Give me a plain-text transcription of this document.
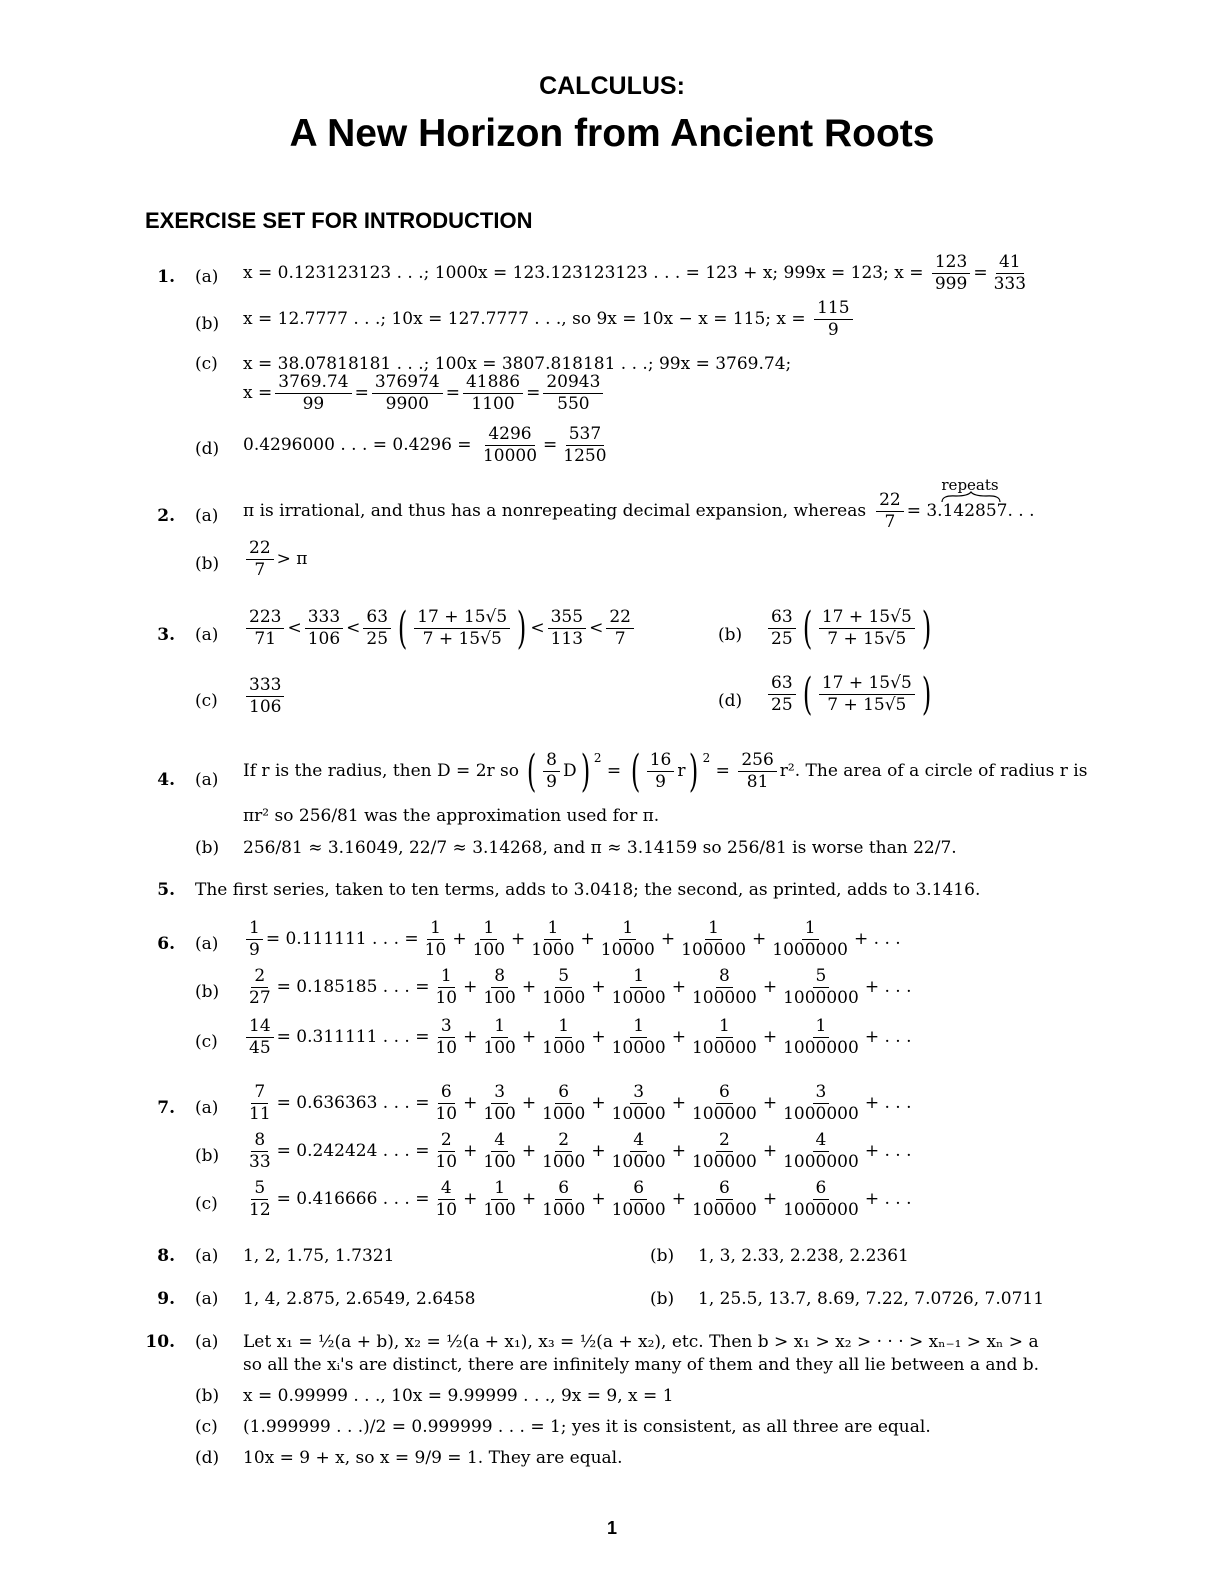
CALCULUS:
A New Horizon from Ancient Roots
EXERCISE SET FOR INTRODUCTION
1. (a) x = 0.123123123 . . .; 1000x = 123.123123123 . . . = 123 + x; 999x = 123; $x = \frac{123}{999} = \frac{41}{333}$
(b) x = 12.7777 . . .; 10x = 127.7777 . . ., so 9x = 10x − x = 115; $x = \frac{115}{9}$
(c) x = 38.07818181 . . .; 100x = 3807.818181 . . .; 99x = 3769.74;
$x = \frac{3769.74}{99} = \frac{376974}{9900} = \frac{41886}{1100} = \frac{20943}{550}$
(d) 0.4296000 . . . = $0.4296 = \frac{4296}{10000} = \frac{537}{1250}$
repeats
2. (a) π is irrational, and thus has a nonrepeating decimal expansion, whereas $\frac{22}{7} = 3$. 142857 . . .
$(b) \frac{22}{7} > \pi$
3. $(a) \frac{223}{71} < \frac{333}{106} < \frac{63}{25}$ ( $\frac{17 + 15√5}{7 + 15√5}$ ) < $\frac{355}{113} < \frac{22}{7}$	$(b) \frac{63}{25}$ ( $\frac{17 + 15√5}{7 + 15√5}$ )
$(c) \frac{333}{106}$	$(d) \frac{63}{25}$ ( $\frac{17 + 15√5}{7 + 15√5}$ )
4. (a) If r is the radius, then D = 2r so ( $\frac{8}{9}$ D ) $^2$
= ( $\frac{16}{9}$ r ) $^2$
= $\frac{256}{81} r^2$. The area of a circle of radius r is
πr² so 256/81 was the approximation used for π.
(b) 256/81 ≈ 3.16049, 22/7 ≈ 3.14268, and π ≈ 3.14159 so 256/81 is worse than 22/7.
5. The first series, taken to ten terms, adds to 3.0418; the second, as printed, adds to 3.1416.
6.
7.
$(a) \frac{1}{9} = 0.111111$ . . . = $\frac{1}{10} + \frac{1}{100} + \frac{1}{1000} + \frac{1}{10000} + \frac{1}{100000} + \frac{1}{1000000}$ + . . .
$(b) \frac{2}{27} = 0.185185$ . . . = $\frac{1}{10} + \frac{8}{100} + \frac{5}{1000} + \frac{1}{10000} + \frac{8}{100000} + \frac{5}{1000000}$ + . . .
$(c) \frac{14}{45} = 0.311111$ . . . = $\frac{3}{10} + \frac{1}{100} + \frac{1}{1000} + \frac{1}{10000} + \frac{1}{100000} + \frac{1}{1000000}$ + . . .
$(a) \frac{7}{11} = 0.636363$ . . . = $\frac{6}{10} + \frac{3}{100} + \frac{6}{1000} + \frac{3}{10000} + \frac{6}{100000} + \frac{3}{1000000}$ + . . .
$(b) \frac{8}{33} = 0.242424$ . . . = $\frac{2}{10} + \frac{4}{100} + \frac{2}{1000} + \frac{4}{10000} + \frac{2}{100000} + \frac{4}{1000000}$ + . . .
$(c) \frac{5}{12} = 0.416666$ . . . = $\frac{4}{10} + \frac{1}{100} + \frac{6}{1000} + \frac{6}{10000} + \frac{6}{100000} + \frac{6}{1000000}$ + . . .
8. (a) 1, 2, 1.75, 1.7321	(b) 1, 3, 2.33, 2.238, 2.2361
9. (a) 1, 4, 2.875, 2.6549, 2.6458	(b) 1, 25.5, 13.7, 8.69, 7.22, 7.0726, 7.0711
10. (a) Let x₁ = ½(a + b), x₂ = ½(a + x₁), x₃ = ½(a + x₂), etc. Then b > x₁ > x₂ > · · · > xₙ₋₁ > xₙ > a
so all the xᵢ's are distinct, there are infinitely many of them and they all lie between a and b.
(b) x = 0.99999 . . ., 10x = 9.99999 . . ., 9x = 9, x = 1
(c) (1.999999 . . .)/2 = 0.999999 . . . = 1; yes it is consistent, as all three are equal.
(d) 10x = 9 + x, so x = 9/9 = 1. They are equal.
1
